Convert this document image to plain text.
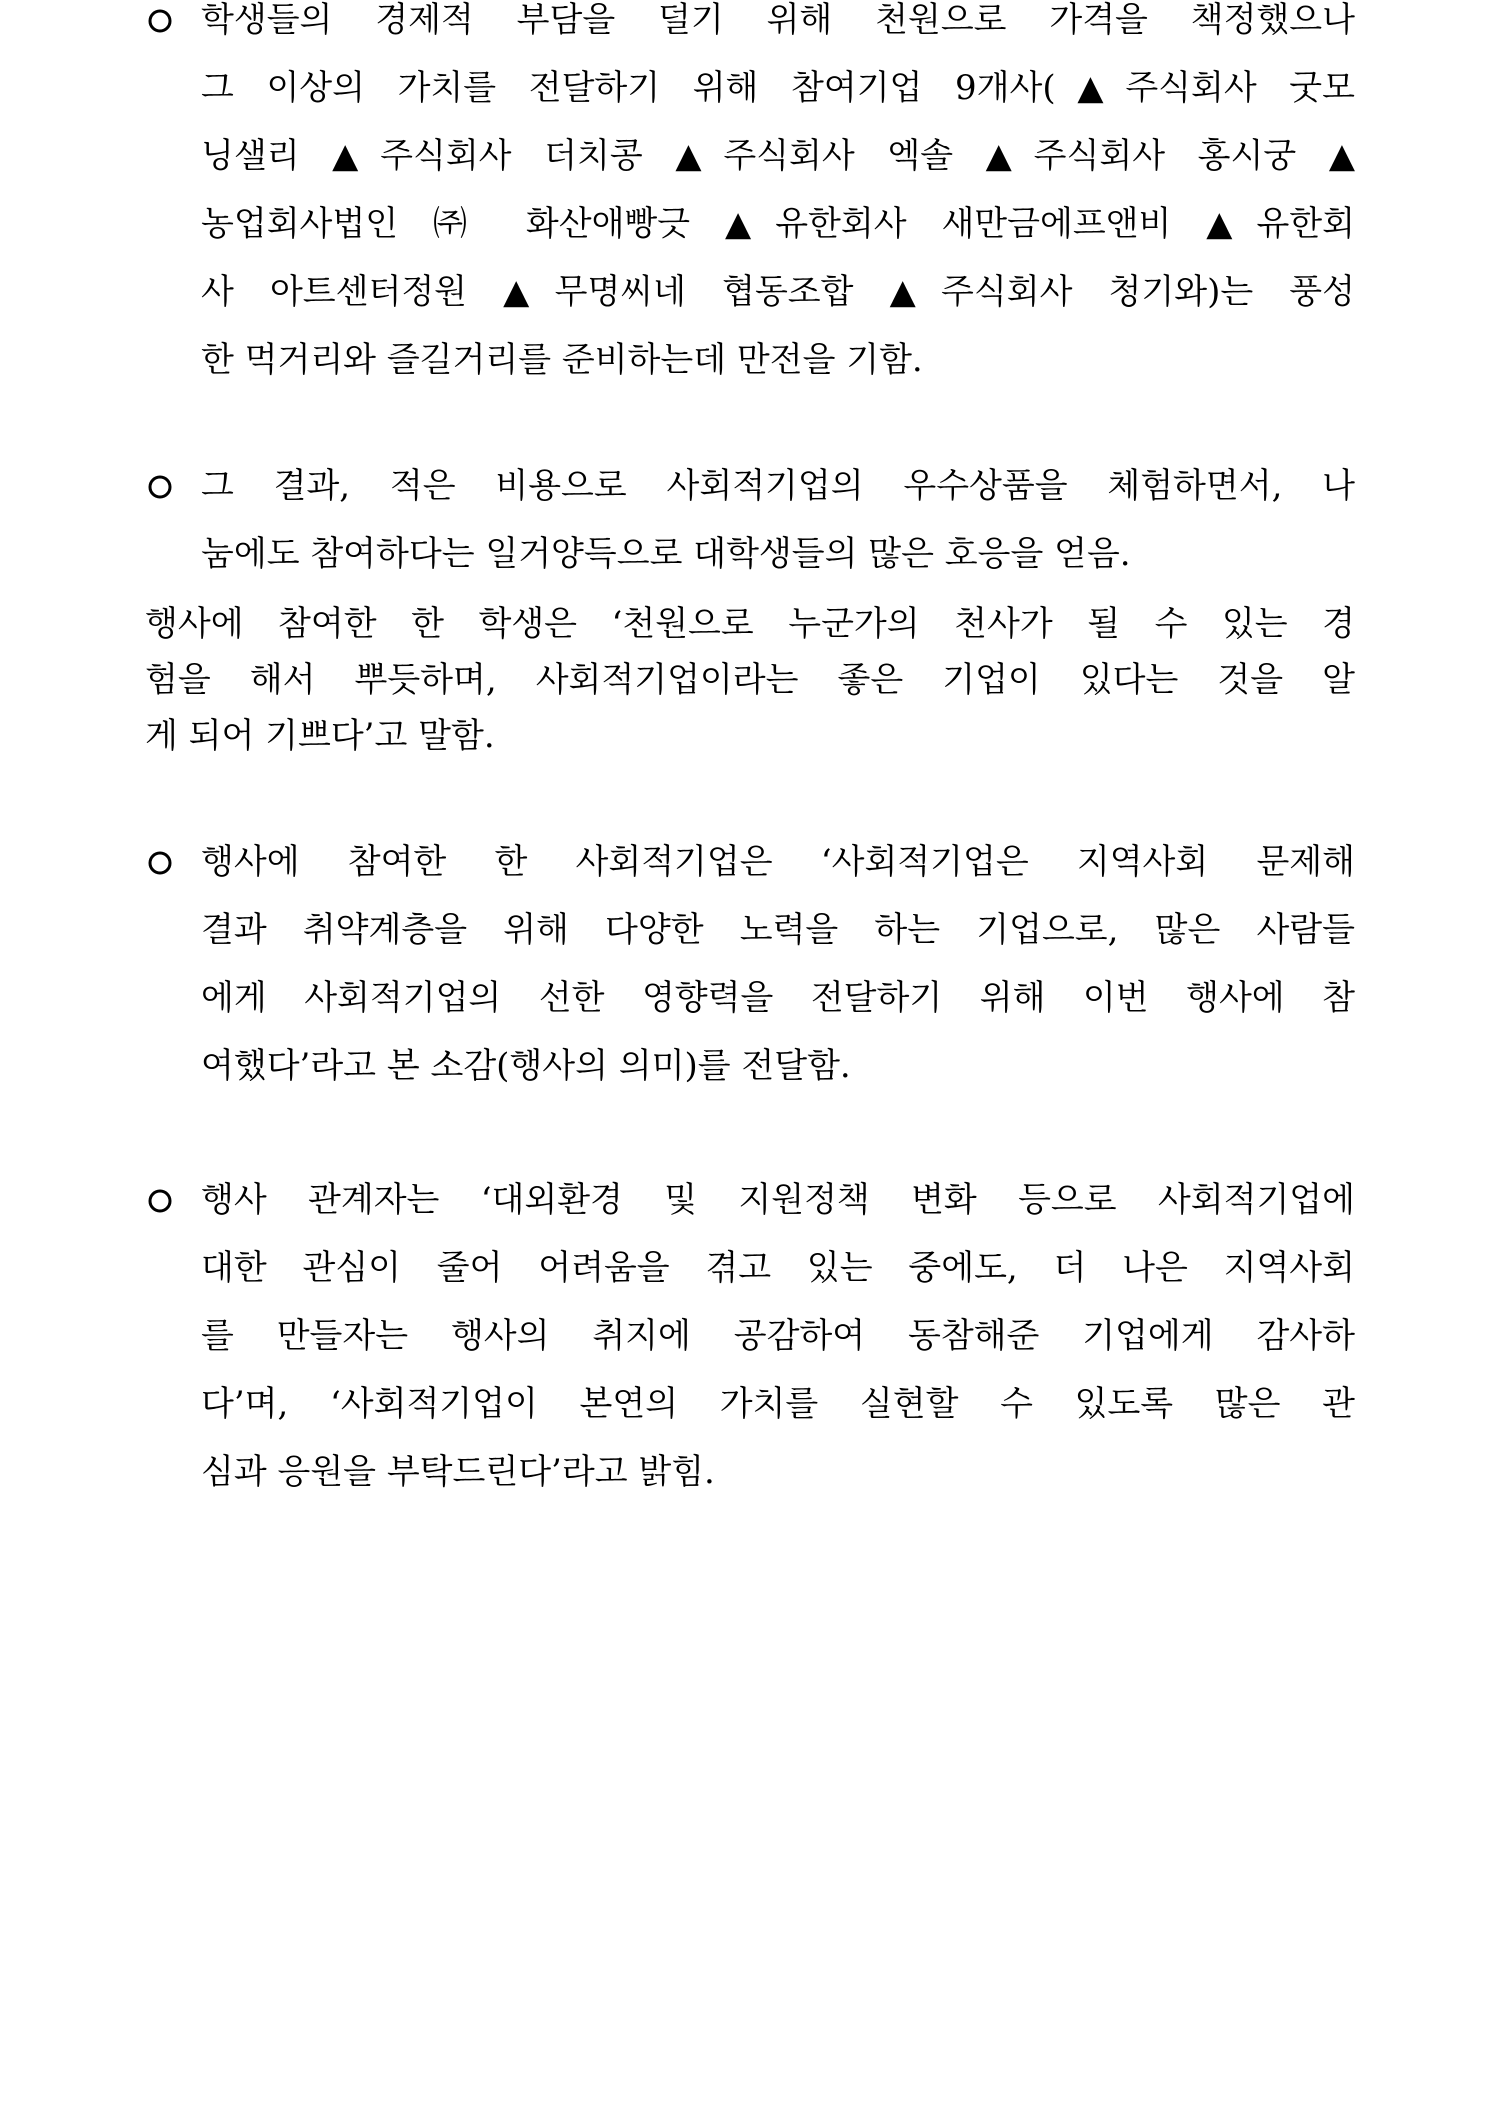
학생들의 경제적 부담을 덜기 위해 천원으로 가격을 책정했으나
그 이상의 가치를 전달하기 위해 참여기업 9개사(▲주식회사 굿모
닝샐리 ▲주식회사 더치콩 ▲주식회사 엑솔 ▲주식회사 홍시궁 ▲
농업회사법인 ㈜ 화산애빵긋 ▲유한회사 새만금에프앤비 ▲유한회
사 아트센터정원 ▲무명씨네 협동조합 ▲주식회사 청기와)는 풍성
한 먹거리와 즐길거리를 준비하는데 만전을 기함.
그 결과, 적은 비용으로 사회적기업의 우수상품을 체험하면서, 나
눔에도 참여하다는 일거양득으로 대학생들의 많은 호응을 얻음.
행사에 참여한 한 학생은 ‘천원으로 누군가의 천사가 될 수 있는 경
험을 해서 뿌듯하며, 사회적기업이라는 좋은 기업이 있다는 것을 알
게 되어 기쁘다’고 말함.
행사에 참여한 한 사회적기업은 ‘사회적기업은 지역사회 문제해
결과 취약계층을 위해 다양한 노력을 하는 기업으로, 많은 사람들
에게 사회적기업의 선한 영향력을 전달하기 위해 이번 행사에 참
여했다’라고 본 소감(행사의 의미)를 전달함.
행사 관계자는 ‘대외환경 및 지원정책 변화 등으로 사회적기업에
대한 관심이 줄어 어려움을 겪고 있는 중에도, 더 나은 지역사회
를 만들자는 행사의 취지에 공감하여 동참해준 기업에게 감사하
다’며, ‘사회적기업이 본연의 가치를 실현할 수 있도록 많은 관
심과 응원을 부탁드린다’라고 밝힘.
